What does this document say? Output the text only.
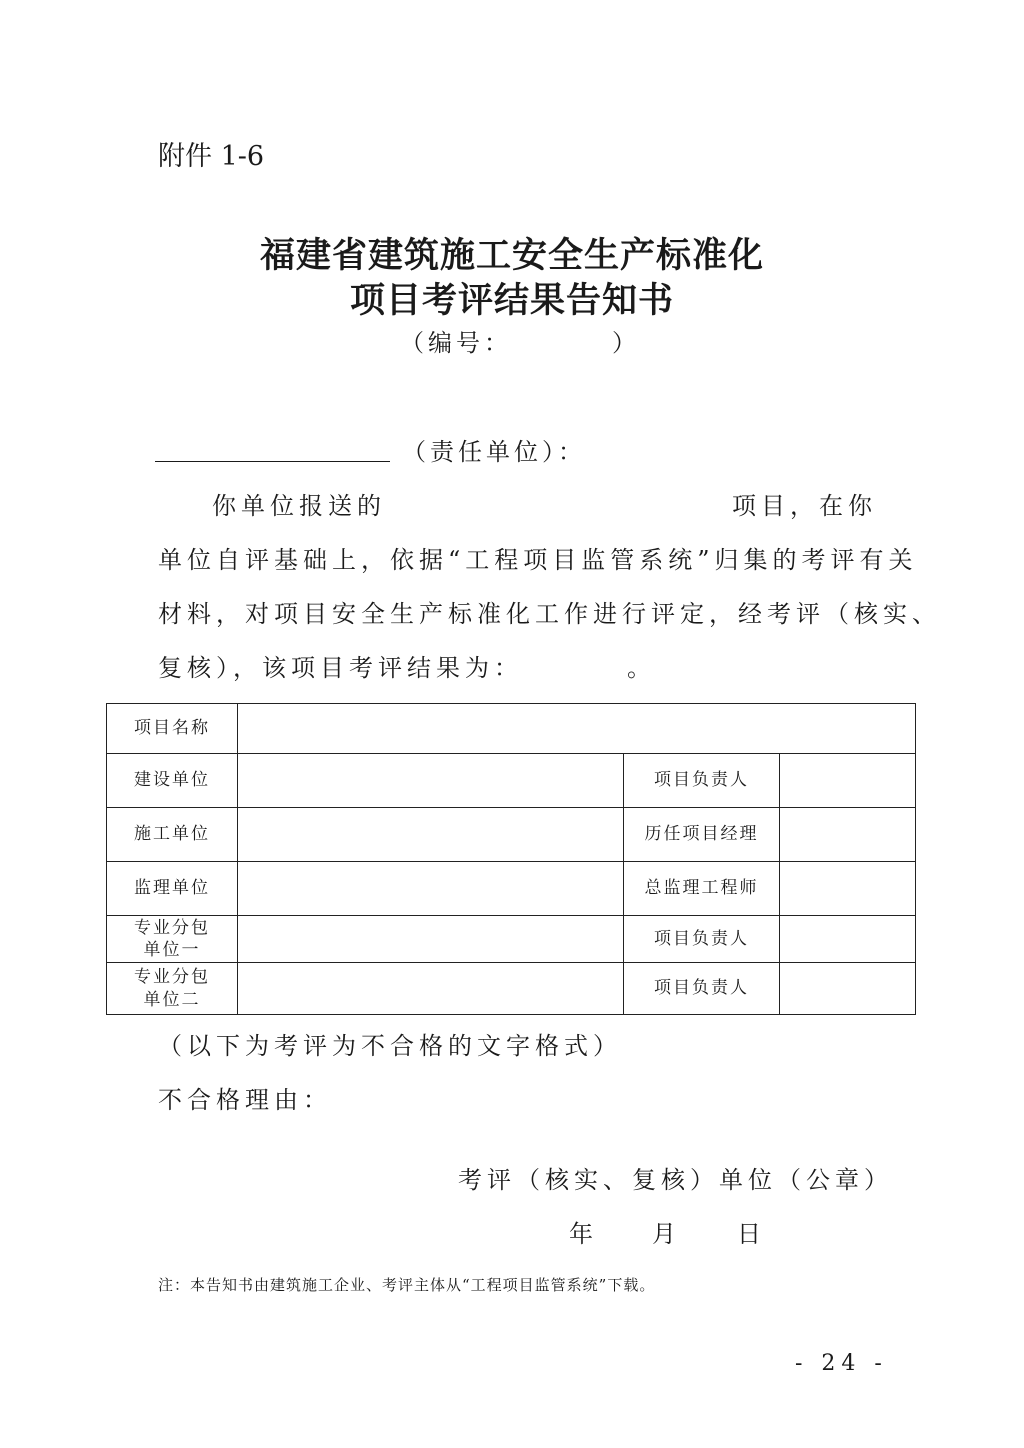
附件 1-6
福建省建筑施工安全生产标准化
项目考评结果告知书
（编号：　　　　）
（责任单位）：
你单位报送的	项目，在你
单位自评基础上，依据“工程项目监管系统”归集的考评有关
材料，对项目安全生产标准化工作进行评定，经考评（核实、
复核），该项目考评结果为：　　　　。
项目名称			
建设单位		项目负责人	
施工单位		历任项目经理	
监理单位		总监理工程师	

专业分包
单位一		项目负责人	

专业分包
单位二		项目负责人	
（以下为考评为不合格的文字格式）
不合格理由：
考评（核实、复核）单位（公章）
年 月 日
注：本告知书由建筑施工企业、考评主体从“工程项目监管系统”下载。
- 24 -
